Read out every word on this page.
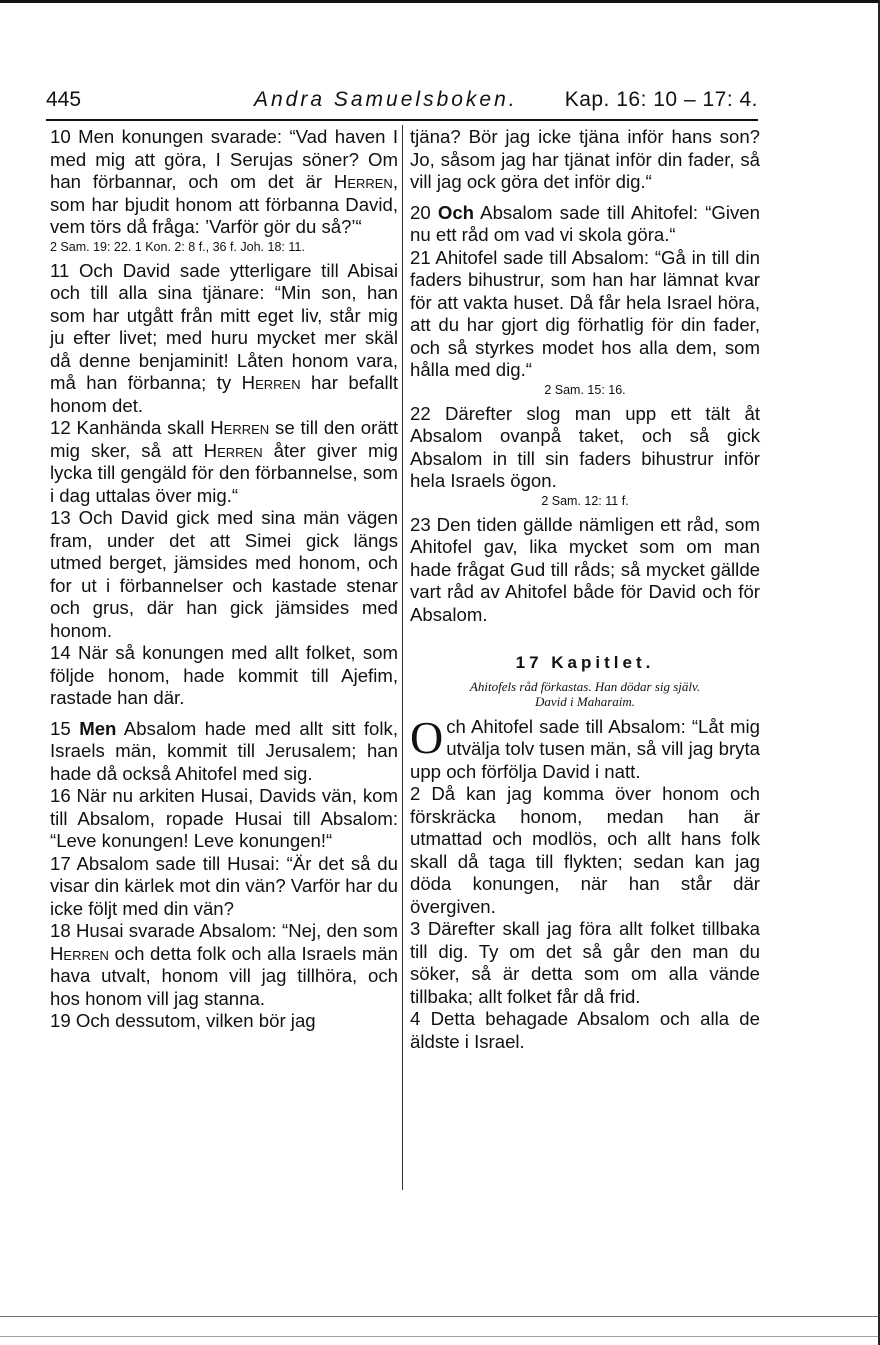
445	Andra Samuelsboken. Kap. 16: 10 – 17: 4.

10 Men konungen svarade: “Vad haven I med mig att göra, I Serujas söner? Om han förbannar, och om det är Herren, som har bjudit honom att förbanna David, vem törs då fråga: ’Varför gör du så?’“

2 Sam. 19: 22. 1 Kon. 2: 8 f., 36 f. Joh. 18: 11.

11 Och David sade ytterligare till Abisai och till alla sina tjänare: “Min son, han som har utgått från mitt eget liv, står mig ju efter livet; med huru mycket mer skäl då denne benjaminit! Låten honom vara, må han förbanna; ty Herren har befallt honom det.

12 Kanhända skall Herren se till den orätt mig sker, så att Herren åter giver mig lycka till gengäld för den förbannelse, som i dag uttalas över mig.“

13 Och David gick med sina män vägen fram, under det att Simei gick längs utmed berget, jämsides med honom, och for ut i förbannelser och kastade stenar och grus, där han gick jämsides med honom.

14 När så konungen med allt folket, som följde honom, hade kommit till Ajefim, rastade han där.

15 Men Absalom hade med allt sitt folk, Israels män, kommit till Jerusalem; han hade då också Ahitofel med sig.

16 När nu arkiten Husai, Davids vän, kom till Absalom, ropade Husai till Absalom: “Leve konungen! Leve konungen!“

17 Absalom sade till Husai: “Är det så du visar din kärlek mot din vän? Varför har du icke följt med din vän?

18 Husai svarade Absalom: “Nej, den som Herren och detta folk och alla Israels män hava utvalt, honom vill jag tillhöra, och hos honom vill jag stanna.

19 Och dessutom, vilken bör jag

tjäna? Bör jag icke tjäna inför hans son? Jo, såsom jag har tjänat inför din fader, så vill jag ock göra det inför dig.“

20 Och Absalom sade till Ahitofel: “Given nu ett råd om vad vi skola göra.“

21 Ahitofel sade till Absalom: “Gå in till din faders bihustrur, som han har lämnat kvar för att vakta huset. Då får hela Israel höra, att du har gjort dig förhatlig för din fader, och så styrkes modet hos alla dem, som hålla med dig.“

2 Sam. 15: 16.

22 Därefter slog man upp ett tält åt Absalom ovanpå taket, och så gick Absalom in till sin faders bihustrur inför hela Israels ögon.

2 Sam. 12: 11 f.

23 Den tiden gällde nämligen ett råd, som Ahitofel gav, lika mycket som om man hade frågat Gud till råds; så mycket gällde vart råd av Ahitofel både för David och för Absalom.

17 Kapitlet.
Ahitofels råd förkastas. Han dödar sig själv.
David i Maharaim.

Och Ahitofel sade till Absalom: “Låt mig utvälja tolv tusen män, så vill jag bryta upp och förfölja David i natt.

2 Då kan jag komma över honom och förskräcka honom, medan han är utmattad och modlös, och allt hans folk skall då taga till flykten; sedan kan jag döda konungen, när han står där övergiven.

3 Därefter skall jag föra allt folket tillbaka till dig. Ty om det så går den man du söker, så är detta som om alla vände tillbaka; allt folket får då frid.

4 Detta behagade Absalom och alla de äldste i Israel.
